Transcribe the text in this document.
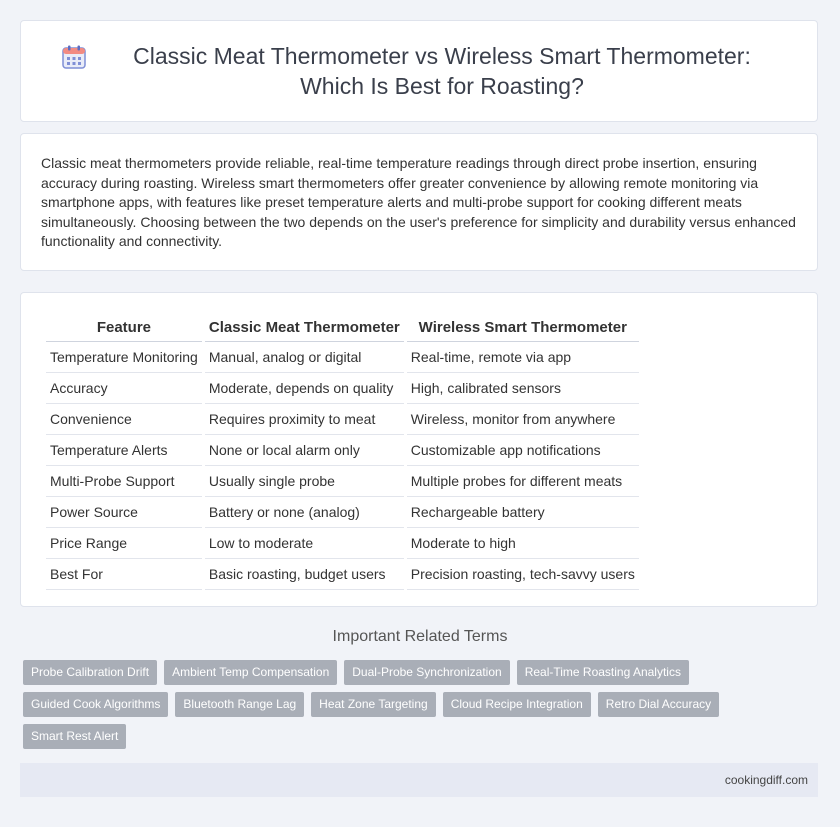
Classic Meat Thermometer vs Wireless Smart Thermometer: Which Is Best for Roasting?

Classic meat thermometers provide reliable, real-time temperature readings through direct probe insertion, ensuring accuracy during roasting. Wireless smart thermometers offer greater convenience by allowing remote monitoring via smartphone apps, with features like preset temperature alerts and multi-probe support for cooking different meats simultaneously. Choosing between the two depends on the user's preference for simplicity and durability versus enhanced functionality and connectivity.

Feature	Classic Meat Thermometer	Wireless Smart Thermometer
Temperature Monitoring	Manual, analog or digital	Real-time, remote via app
Accuracy	Moderate, depends on quality	High, calibrated sensors
Convenience	Requires proximity to meat	Wireless, monitor from anywhere
Temperature Alerts	None or local alarm only	Customizable app notifications
Multi-Probe Support	Usually single probe	Multiple probes for different meats
Power Source	Battery or none (analog)	Rechargeable battery
Price Range	Low to moderate	Moderate to high
Best For	Basic roasting, budget users	Precision roasting, tech-savvy users
Important Related Terms
Probe Calibration Drift	Ambient Temp Compensation	Dual-Probe Synchronization	Real-Time Roasting Analytics
Guided Cook Algorithms	Bluetooth Range Lag	Heat Zone Targeting	Cloud Recipe Integration	Retro Dial Accuracy
Smart Rest Alert
cookingdiff.com
